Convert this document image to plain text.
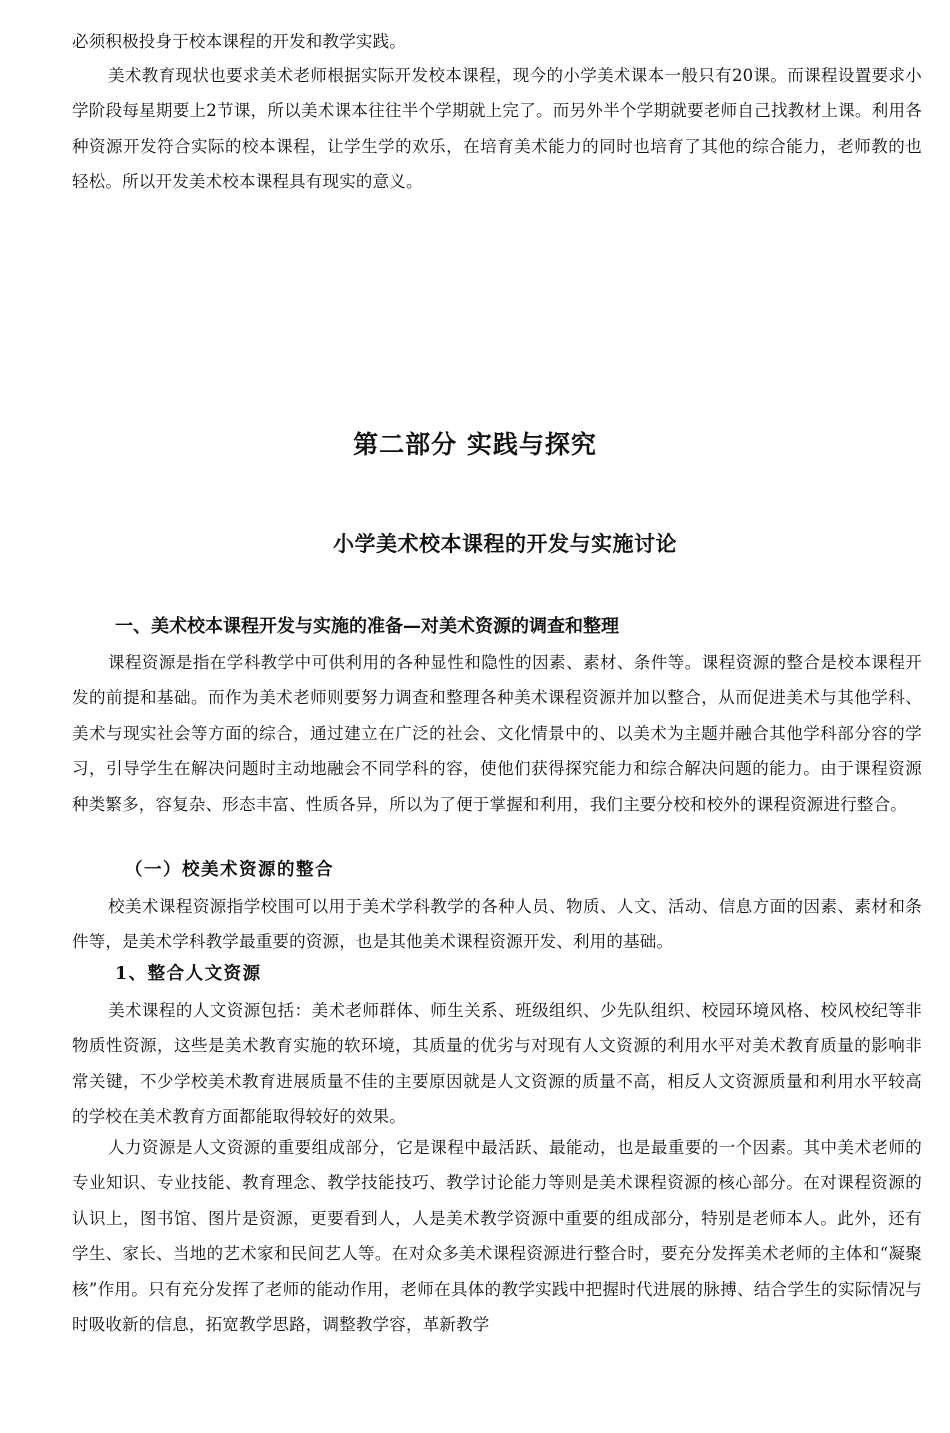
必须积极投身于校本课程的开发和教学实践。

美术教育现状也要求美术老师根据实际开发校本课程，现今的小学美术课本一般只有20课。而课程设置要求小学阶段每星期要上2节课，所以美术课本往往半个学期就上完了。而另外半个学期就要老师自己找教材上课。利用各种资源开发符合实际的校本课程，让学生学的欢乐，在培育美术能力的同时也培育了其他的综合能力，老师教的也轻松。所以开发美术校本课程具有现实的意义。

第二部分 实践与探究
小学美术校本课程的开发与实施讨论
一、美术校本课程开发与实施的准备—对美术资源的调查和整理

课程资源是指在学科教学中可供利用的各种显性和隐性的因素、素材、条件等。课程资源的整合是校本课程开发的前提和基础。而作为美术老师则要努力调查和整理各种美术课程资源并加以整合，从而促进美术与其他学科、美术与现实社会等方面的综合，通过建立在广泛的社会、文化情景中的、以美术为主题并融合其他学科部分容的学习，引导学生在解决问题时主动地融会不同学科的容，使他们获得探究能力和综合解决问题的能力。由于课程资源种类繁多，容复杂、形态丰富、性质各异，所以为了便于掌握和利用，我们主要分校和校外的课程资源进行整合。

（一）校美术资源的整合

校美术课程资源指学校围可以用于美术学科教学的各种人员、物质、人文、活动、信息方面的因素、素材和条件等，是美术学科教学最重要的资源，也是其他美术课程资源开发、利用的基础。

1、整合人文资源

美术课程的人文资源包括：美术老师群体、师生关系、班级组织、少先队组织、校园环境风格、校风校纪等非物质性资源，这些是美术教育实施的软环境，其质量的优劣与对现有人文资源的利用水平对美术教育质量的影响非常关键，不少学校美术教育进展质量不佳的主要原因就是人文资源的质量不高，相反人文资源质量和利用水平较高的学校在美术教育方面都能取得较好的效果。

人力资源是人文资源的重要组成部分，它是课程中最活跃、最能动，也是最重要的一个因素。其中美术老师的专业知识、专业技能、教育理念、教学技能技巧、教学讨论能力等则是美术课程资源的核心部分。在对课程资源的认识上，图书馆、图片是资源，更要看到人，人是美术教学资源中重要的组成部分，特别是老师本人。此外，还有学生、家长、当地的艺术家和民间艺人等。在对众多美术课程资源进行整合时，要充分发挥美术老师的主体和“凝聚核”作用。只有充分发挥了老师的能动作用，老师在具体的教学实践中把握时代进展的脉搏、结合学生的实际情况与时吸收新的信息，拓宽教学思路，调整教学容，革新教学
